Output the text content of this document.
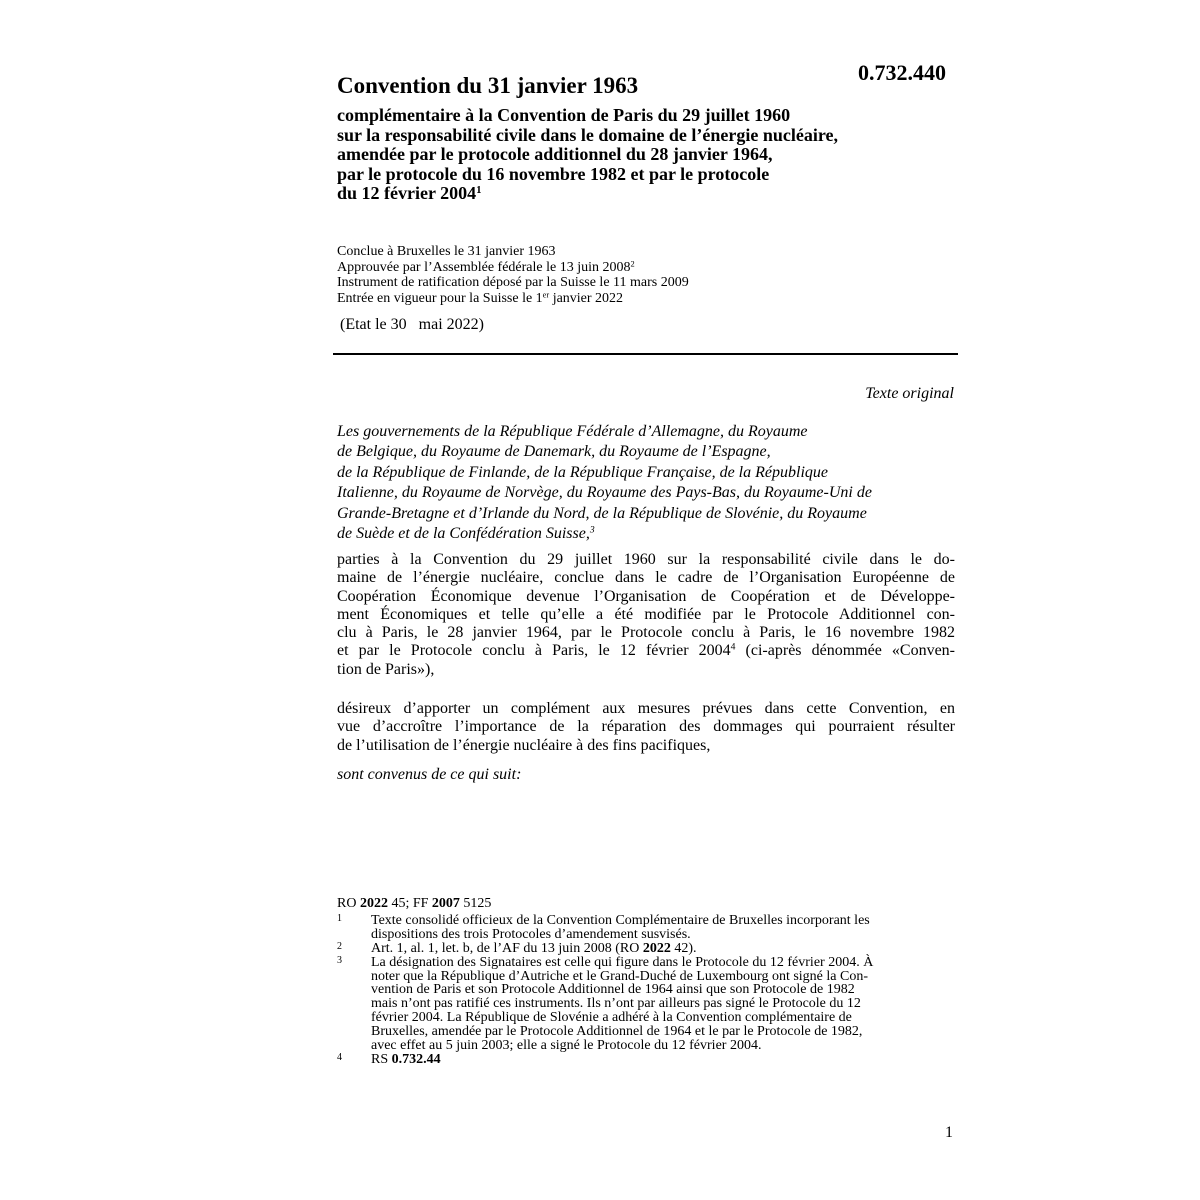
0.732.440
Convention du 31 janvier 1963
complémentaire à la Convention de Paris du 29 juillet 1960
sur la responsabilité civile dans le domaine de l’énergie nucléaire,
amendée par le protocole additionnel du 28 janvier 1964,
par le protocole du 16 novembre 1982 et par le protocole
du 12 février 2004$^1$
Conclue à Bruxelles le 31 janvier 1963
Approuvée par l’Assemblée fédérale le 13 juin 2008$^2$
Instrument de ratification déposé par la Suisse le 11 mars 2009
Entrée en vigueur pour la Suisse le 1er janvier 2022
(Etat le 30   mai 2022)
Texte original
Les gouvernements de la République Fédérale d’Allemagne, du Royaume
de Belgique, du Royaume de Danemark, du Royaume de l’Espagne,
de la République de Finlande, de la République Française, de la République
Italienne, du Royaume de Norvège, du Royaume des Pays-Bas, du Royaume-Uni de
Grande-Bretagne et d’Irlande du Nord, de la République de Slovénie, du Royaume
de Suède et de la Confédération Suisse,$^3$
parties à la Convention du 29 juillet 1960 sur la responsabilité civile dans le do-
maine de l’énergie nucléaire, conclue dans le cadre de l’Organisation Européenne de
Coopération Économique devenue l’Organisation de Coopération et de Développe-
ment Économiques et telle qu’elle a été modifiée par le Protocole Additionnel con-
clu à Paris, le 28 janvier 1964, par le Protocole conclu à Paris, le 16 novembre 1982
et par le Protocole conclu à Paris, le 12 février 2004$^4$ (ci-après dénommée «Conven-
tion de Paris»),
désireux d’apporter un complément aux mesures prévues dans cette Convention, en
vue d’accroître l’importance de la réparation des dommages qui pourraient résulter
de l’utilisation de l’énergie nucléaire à des fins pacifiques,
sont convenus de ce qui suit:
RO 2022 45; FF 2007 5125
1 Texte consolidé officieux de la Convention Complémentaire de Bruxelles incorporant les
dispositions des trois Protocoles d’amendement susvisés.
2 Art. 1, al. 1, let. b, de l’AF du 13 juin 2008 (RO 2022 42).
3 La désignation des Signataires est celle qui figure dans le Protocole du 12 février 2004. À
noter que la République d’Autriche et le Grand-Duché de Luxembourg ont signé la Con-
vention de Paris et son Protocole Additionnel de 1964 ainsi que son Protocole de 1982
mais n’ont pas ratifié ces instruments. Ils n’ont par ailleurs pas signé le Protocole du 12
février 2004. La République de Slovénie a adhéré à la Convention complémentaire de
Bruxelles, amendée par le Protocole Additionnel de 1964 et le par le Protocole de 1982,
avec effet au 5 juin 2003; elle a signé le Protocole du 12 février 2004.
4 RS 0.732.44
1
